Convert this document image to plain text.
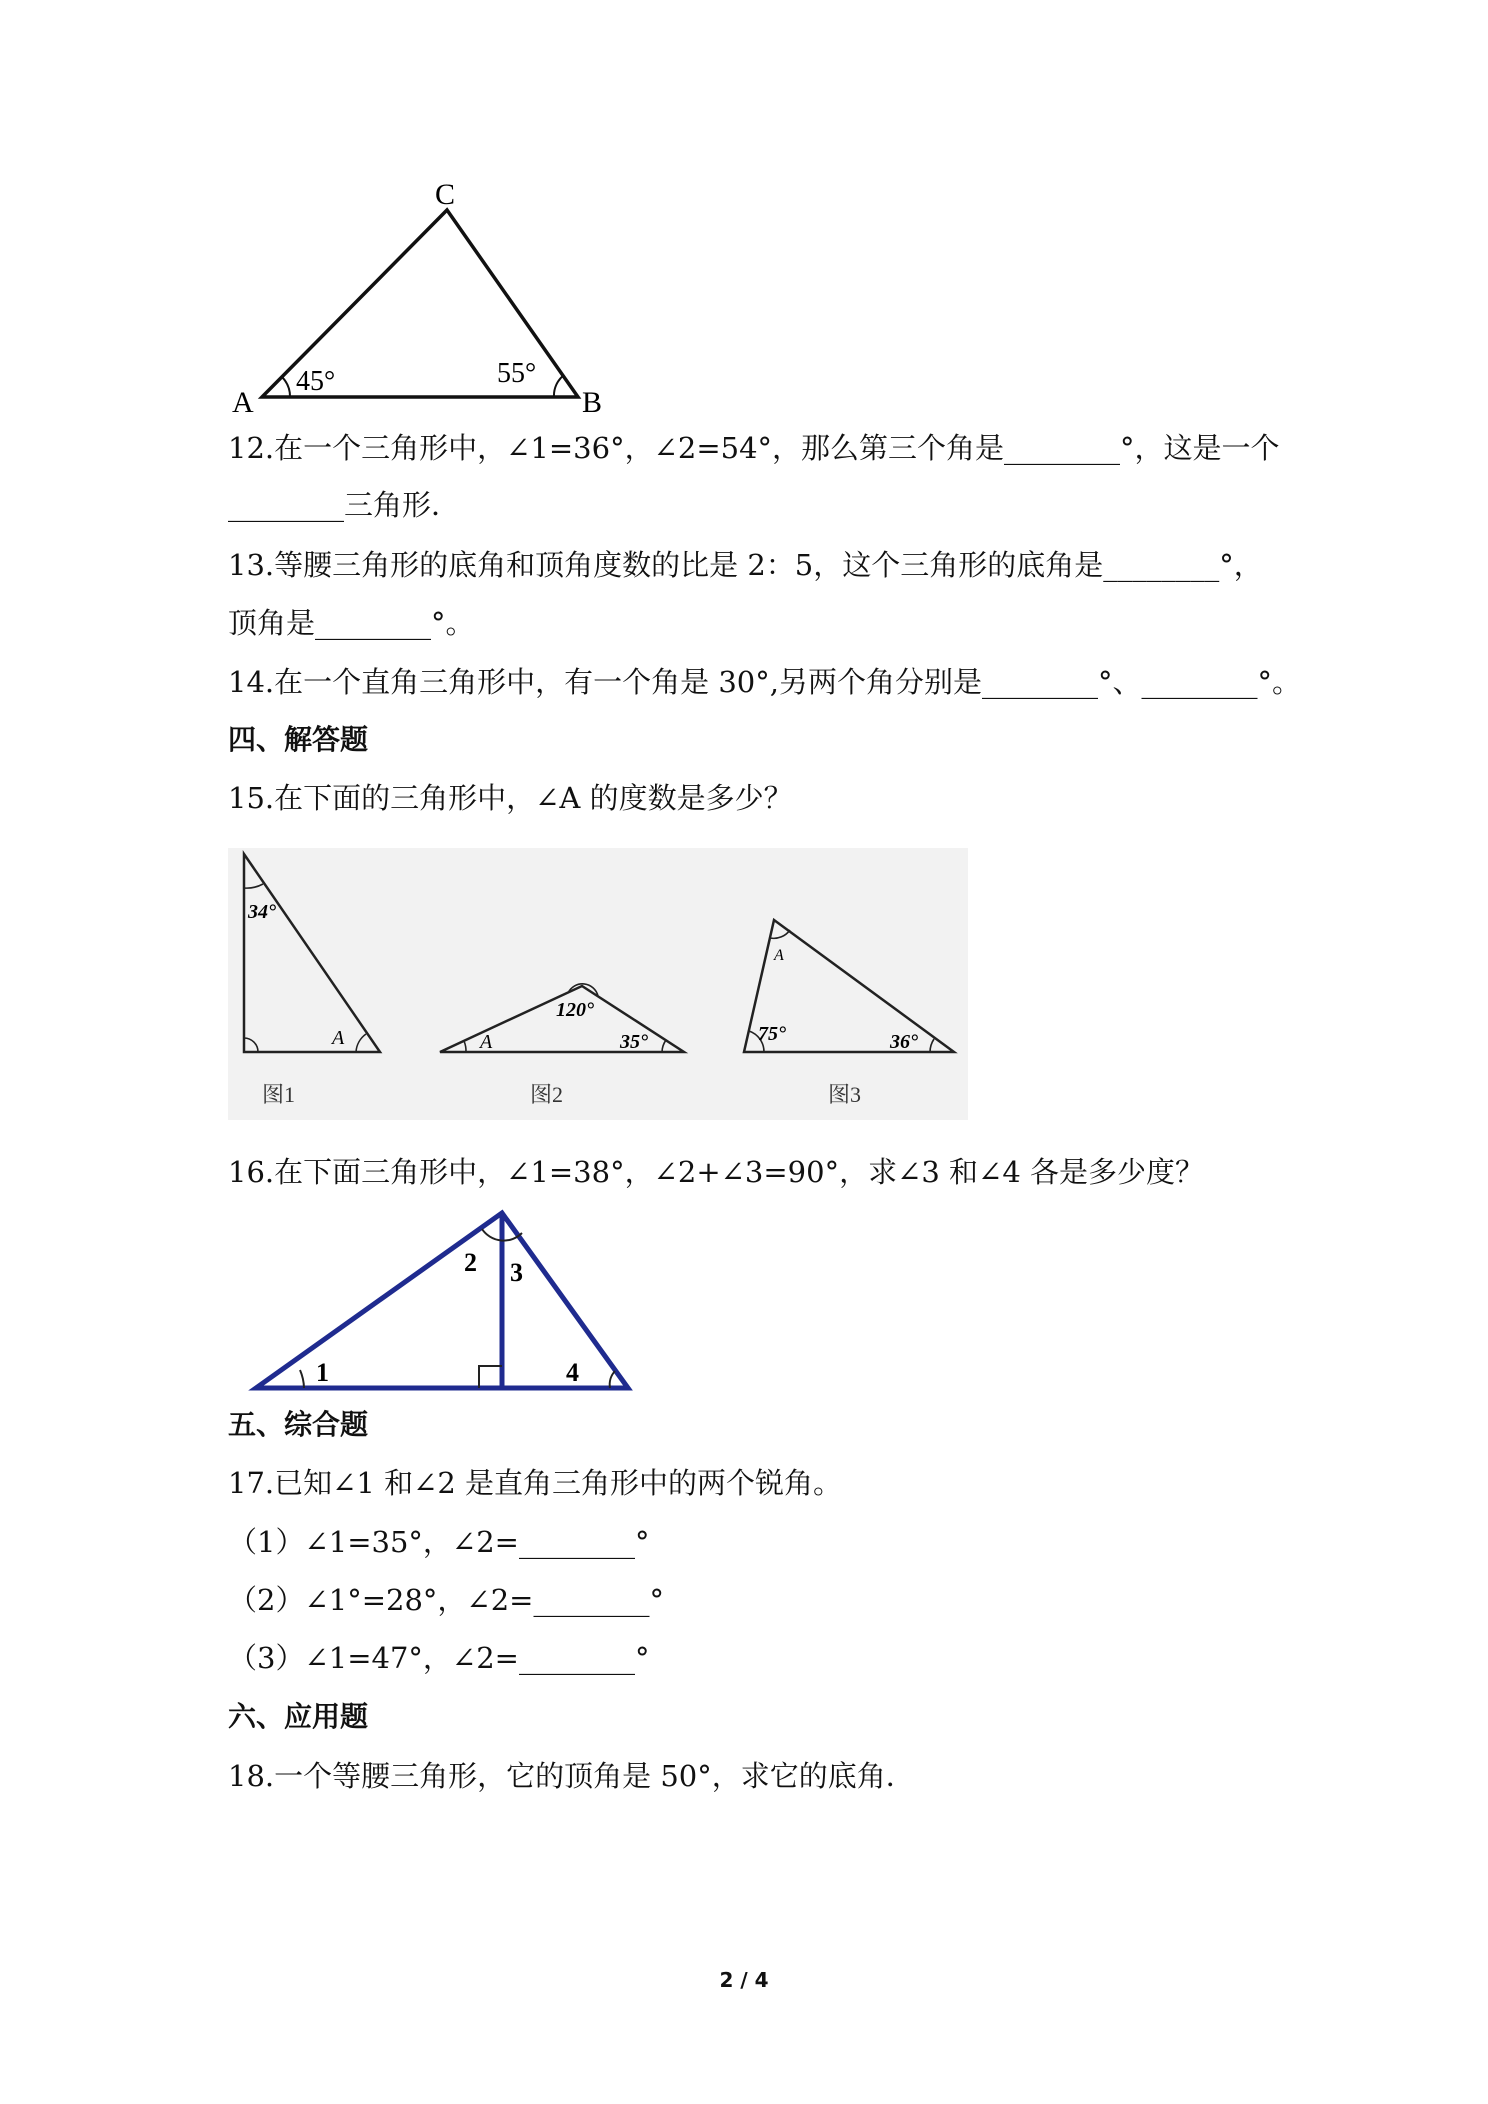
C
A	B
45°	55°
12.在一个三角形中，∠1=36°，∠2=54°，那么第三个角是________°，这是一个
________三角形．
13.等腰三角形的底角和顶角度数的比是 2：5，这个三角形的底角是________°，
顶角是________°。
14.在一个直角三角形中，有一个角是 30°,另两个角分别是________°、________°。
四、解答题
15.在下面的三角形中，∠A 的度数是多少？
34°
A
图1
120°
A	35°
图2
A
75°	36°
图3
16.在下面三角形中，∠1=38°，∠2+∠3=90°，求∠3 和∠4 各是多少度？
1
2 3
4
五、综合题
17.已知∠1 和∠2 是直角三角形中的两个锐角。
（1）∠1=35°，∠2=________°
（2）∠1°=28°，∠2=________°
（3）∠1=47°，∠2=________°
六、应用题
18.一个等腰三角形，它的顶角是 50°，求它的底角．
2 / 4
